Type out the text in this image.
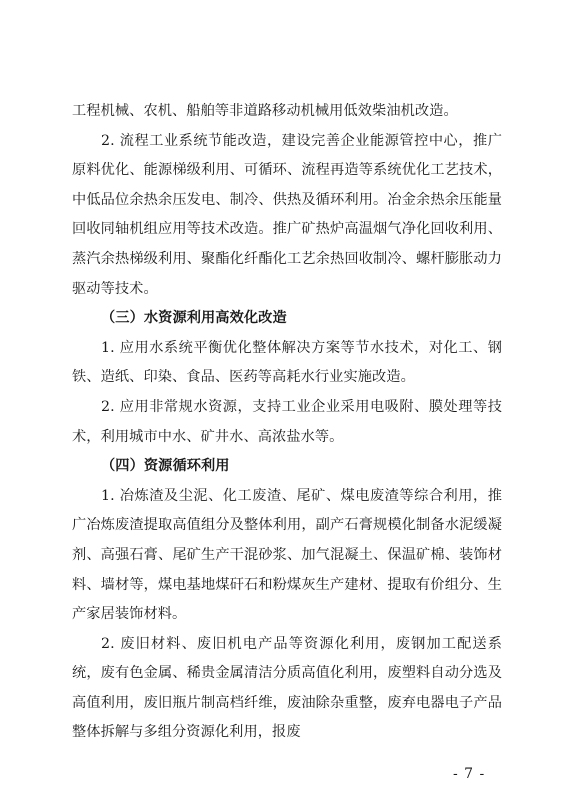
工程机械、农机、船舶等非道路移动机械用低效柴油机改造。

2. 流程工业系统节能改造，建设完善企业能源管控中心，推广原料优化、能源梯级利用、可循环、流程再造等系统优化工艺技术，中低品位余热余压发电、制冷、供热及循环利用。冶金余热余压能量回收同轴机组应用等技术改造。推广矿热炉高温烟气净化回收利用、蒸汽余热梯级利用、聚酯化纤酯化工艺余热回收制冷、螺杆膨胀动力驱动等技术。

（三）水资源利用高效化改造

1. 应用水系统平衡优化整体解决方案等节水技术，对化工、钢铁、造纸、印染、食品、医药等高耗水行业实施改造。

2. 应用非常规水资源，支持工业企业采用电吸附、膜处理等技术，利用城市中水、矿井水、高浓盐水等。

（四）资源循环利用

1. 冶炼渣及尘泥、化工废渣、尾矿、煤电废渣等综合利用，推广冶炼废渣提取高值组分及整体利用，副产石膏规模化制备水泥缓凝剂、高强石膏、尾矿生产干混砂浆、加气混凝土、保温矿棉、装饰材料、墙材等，煤电基地煤矸石和粉煤灰生产建材、提取有价组分、生产家居装饰材料。

2. 废旧材料、废旧机电产品等资源化利用，废钢加工配送系统，废有色金属、稀贵金属清洁分质高值化利用，废塑料自动分选及高值利用，废旧瓶片制高档纤维，废油除杂重整，废弃电器电子产品整体拆解与多组分资源化利用，报废

- 7 -
